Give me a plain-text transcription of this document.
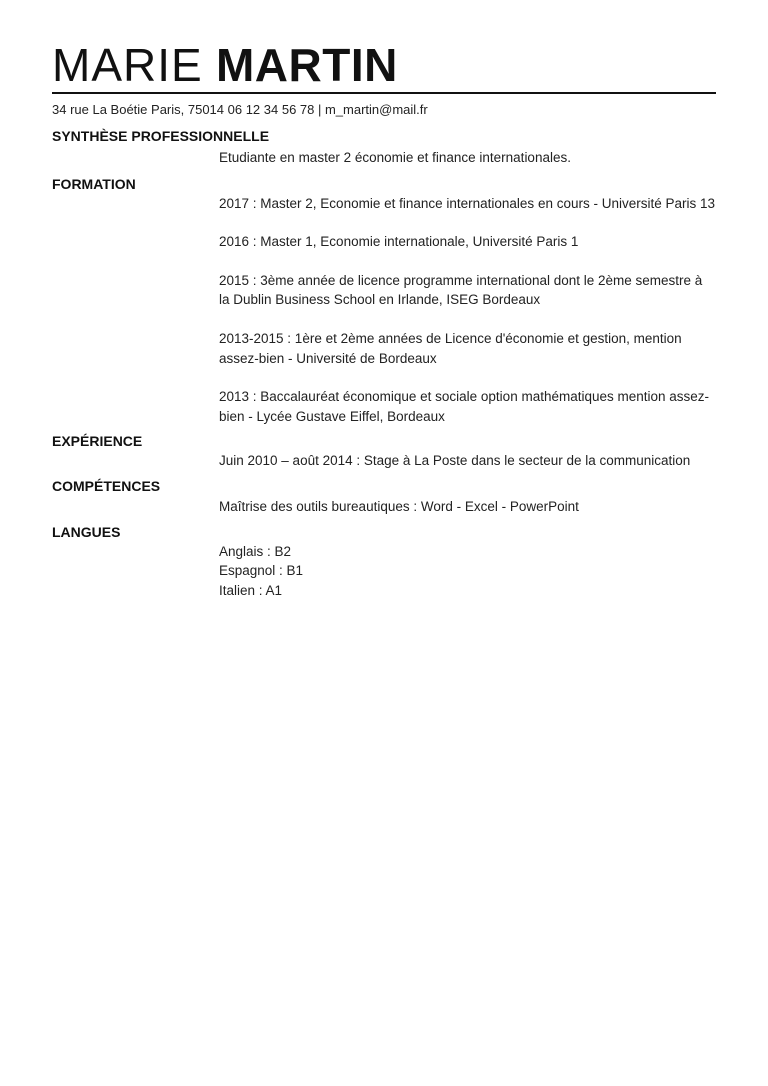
MARIE MARTIN
34 rue La Boétie Paris, 75014 06 12 34 56 78 | m_martin@mail.fr
SYNTHÈSE PROFESSIONNELLE

Etudiante en master 2 économie et finance internationales.

FORMATION

2017 : Master 2, Economie et finance internationales en cours - Université Paris 13

2016 : Master 1, Economie internationale, Université Paris 1

2015 : 3ème année de licence programme international dont le 2ème semestre à la Dublin Business School en Irlande, ISEG Bordeaux

2013-2015 : 1ère et 2ème années de Licence d'économie et gestion, mention assez-bien - Université de Bordeaux

2013 : Baccalauréat économique et sociale option mathématiques mention assez-bien - Lycée Gustave Eiffel, Bordeaux

EXPÉRIENCE

Juin 2010 – août 2014 : Stage à La Poste dans le secteur de la communication

COMPÉTENCES

Maîtrise des outils bureautiques : Word - Excel - PowerPoint

LANGUES

Anglais : B2

Espagnol : B1

Italien : A1
